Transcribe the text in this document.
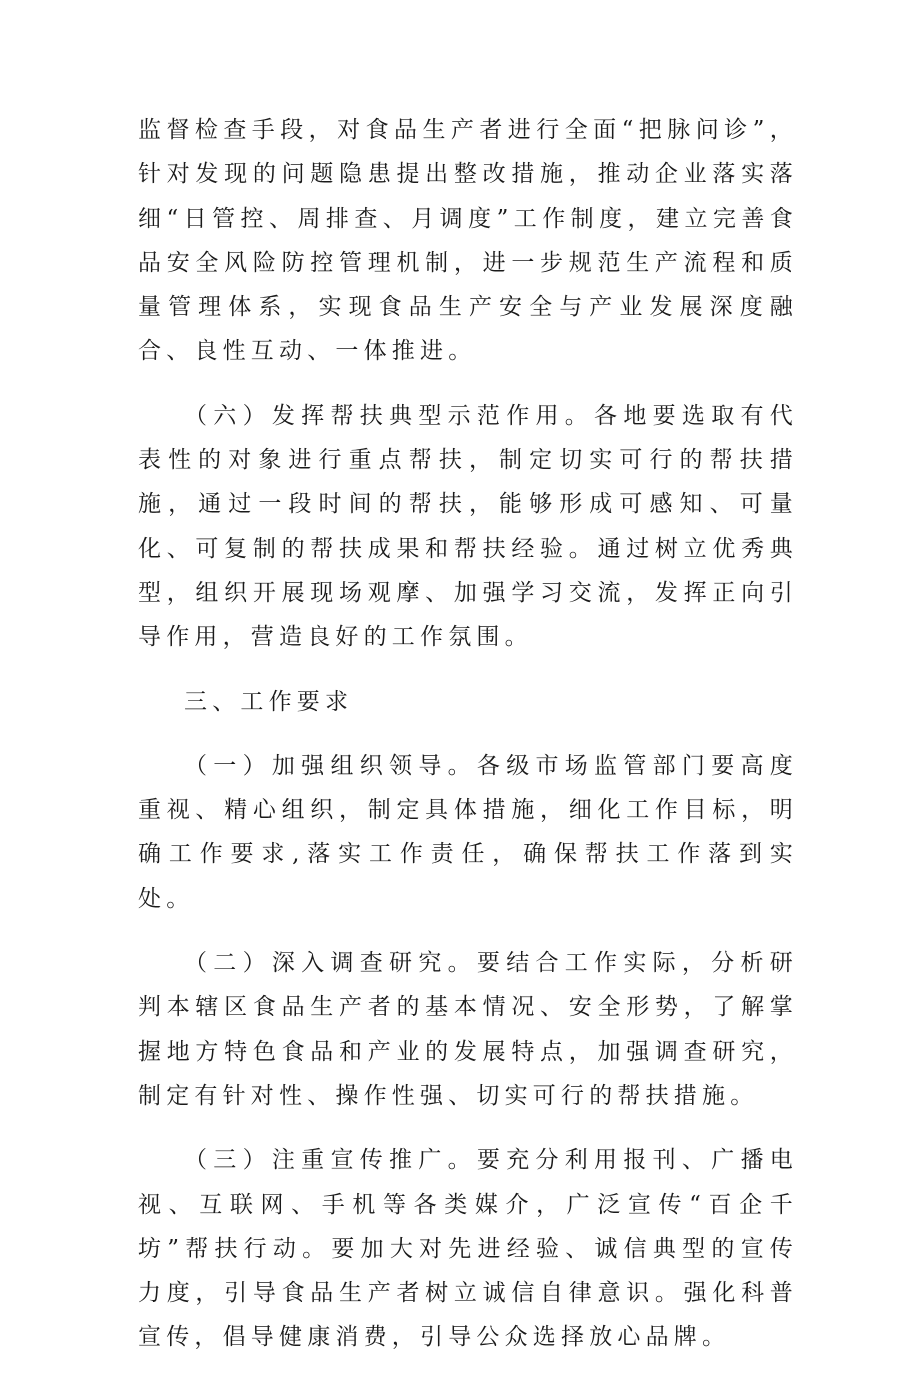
监督检查手段，对食品生产者进行全面“把脉问诊”，针对发现的问题隐患提出整改措施，推动企业落实落细“日管控、周排查、月调度”工作制度，建立完善食品安全风险防控管理机制，进一步规范生产流程和质量管理体系，实现食品生产安全与产业发展深度融合、良性互动、一体推进。

（六）发挥帮扶典型示范作用。各地要选取有代表性的对象进行重点帮扶，制定切实可行的帮扶措施，通过一段时间的帮扶，能够形成可感知、可量化、可复制的帮扶成果和帮扶经验。通过树立优秀典型，组织开展现场观摩、加强学习交流，发挥正向引导作用，营造良好的工作氛围。

三、工作要求

（一）加强组织领导。各级市场监管部门要高度重视、精心组织，制定具体措施，细化工作目标，明确工作要求,落实工作责任，确保帮扶工作落到实处。

（二）深入调查研究。要结合工作实际，分析研判本辖区食品生产者的基本情况、安全形势，了解掌握地方特色食品和产业的发展特点，加强调查研究，制定有针对性、操作性强、切实可行的帮扶措施。

（三）注重宣传推广。要充分利用报刊、广播电视、互联网、手机等各类媒介，广泛宣传“百企千坊”帮扶行动。要加大对先进经验、诚信典型的宣传力度，引导食品生产者树立诚信自律意识。强化科普宣传，倡导健康消费，引导公众选择放心品牌。
